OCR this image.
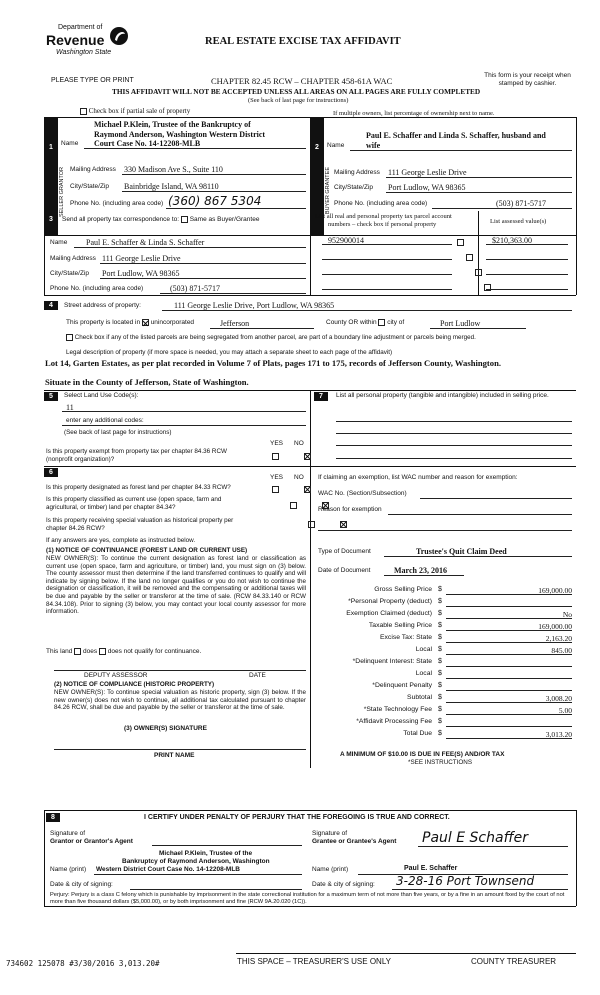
Department of
Revenue
Washington State
REAL ESTATE EXCISE TAX AFFIDAVIT
PLEASE TYPE OR PRINT	CHAPTER 82.45 RCW – CHAPTER 458-61A WAC
This form is your receipt when stamped by cashier.
THIS AFFIDAVIT WILL NOT BE ACCEPTED UNLESS ALL AREAS ON ALL PAGES ARE FULLY COMPLETED
(See back of last page for instructions)
Check box if partial sale of property	If multiple owners, list percentage of ownership next to name.
1
Michael P.Klein, Trustee of the Bankruptcy of
Raymond Anderson, Washington Western District
Name Court Case No. 14-12208-MLB
SELLER GRANTOR Mailing Address 330 Madison Ave S., Suite 110
City/State/Zip Bainbridge Island, WA 98110
Phone No. (including area code) (360) 867 5304
2
Paul E. Schaffer and Linda S. Schaffer, husband and
Name	wife
BUYER GRANTEE Mailing Address 111 George Leslie Drive
City/State/Zip Port Ludlow, WA 98365
Phone No. (including area code)	(503) 871-5717
3	Send all property tax correspondence to: Same as Buyer/Grantee
Name Paul E. Schaffer & Linda S. Schaffer
Mailing Address 111 George Leslie Drive
City/State/Zip Port Ludlow, WA 98365
Phone No. (including area code)	(503) 871-5717
List all real and personal property tax parcel account
numbers – check box if personal property	List assessed value(s)
952900014	$210,363.00

4	Street address of property:	111 George Leslie Drive, Port Ludlow, WA 98365
This property is located in unincorporated	Jefferson	County OR within city of	Port Ludlow
Check box if any of the listed parcels are being segregated from another parcel, are part of a boundary line adjustment or parcels being merged.
Legal description of property (if more space is needed, you may attach a separate sheet to each page of the affidavit)
Lot 14, Garten Estates, as per plat recorded in Volume 7 of Plats, pages 171 to 175, records of Jefferson County, Washington.
Situate in the County of Jefferson, State of Washington.
5	Select Land Use Code(s):
11
enter any additional codes:
(See back of last page for instructions)
YES NO
Is this property exempt from property tax per chapter 84.36 RCW (nonprofit organization)?

6
YES NO
Is this property designated as forest land per chapter 84.33 RCW?

Is this property classified as current use (open space, farm and agricultural, or timber) land per chapter 84.34?

Is this property receiving special valuation as historical property per chapter 84.26 RCW?

If any answers are yes, complete as instructed below.
(1) NOTICE OF CONTINUANCE (FOREST LAND OR CURRENT USE)
NEW OWNER(S): To continue the current designation as forest land or classification as current use (open space, farm and agriculture, or timber) land, you must sign on (3) below. The county assessor must then determine if the land transferred continues to qualify and will indicate by signing below. If the land no longer qualifies or you do not wish to continue the designation or classification, it will be removed and the compensating or additional taxes will be due and payable by the seller or transferor at the time of sale. (RCW 84.33.140 or RCW 84.34.108). Prior to signing (3) below, you may contact your local county assessor for more information.
This land does does not qualify for continuance.
DEPUTY ASSESSOR	DATE
(2) NOTICE OF COMPLIANCE (HISTORIC PROPERTY)
NEW OWNER(S): To continue special valuation as historic property, sign (3) below. If the new owner(s) does not wish to continue, all additional tax calculated pursuant to chapter 84.26 RCW, shall be due and payable by the seller or transferor at the time of sale.
(3) OWNER(S) SIGNATURE
PRINT NAME
7	List all personal property (tangible and intangible) included in selling price.
If claiming an exemption, list WAC number and reason for exemption:
WAC No. (Section/Subsection)
Reason for exemption
Type of Document	Trustee's Quit Claim Deed
Date of Document	March 23, 2016
Gross Selling Price $	169,000.00
*Personal Property (deduct) $
Exemption Claimed (deduct) $	No
Taxable Selling Price $	169,000.00
Excise Tax: State $	2,163.20
Local $	845.00
*Delinquent Interest: State $
Local $
*Delinquent Penalty $
Subtotal $	3,008.20
*State Technology Fee $	5.00
*Affidavit Processing Fee $
Total Due $	3,013.20
A MINIMUM OF $10.00 IS DUE IN FEE(S) AND/OR TAX
*SEE INSTRUCTIONS
8	I CERTIFY UNDER PENALTY OF PERJURY THAT THE FOREGOING IS TRUE AND CORRECT.
Signature of
Grantor or Grantor's Agent
Signature of
Grantee or Grantee's Agent Paul E Schaffer
Michael P.Klein, Trustee of the
Bankruptcy of Raymond Anderson, Washington
Name (print) Western District Court Case No. 14-12208-MLB	Name (print)	Paul E. Schaffer
Date & city of signing:	Date & city of signing: 3-28-16 Port Townsend
Perjury: Perjury is a class C felony which is punishable by imprisonment in the state correctional institution for a maximum term of not more than five years, or by a fine in an amount fixed by the court of not more than five thousand dollars ($5,000.00), or by both imprisonment and fine (RCW 9A.20.020 (1C)).
734602 125078 #3/30/2016 3,013.20#	THIS SPACE – TREASURER'S USE ONLY	COUNTY TREASURER
